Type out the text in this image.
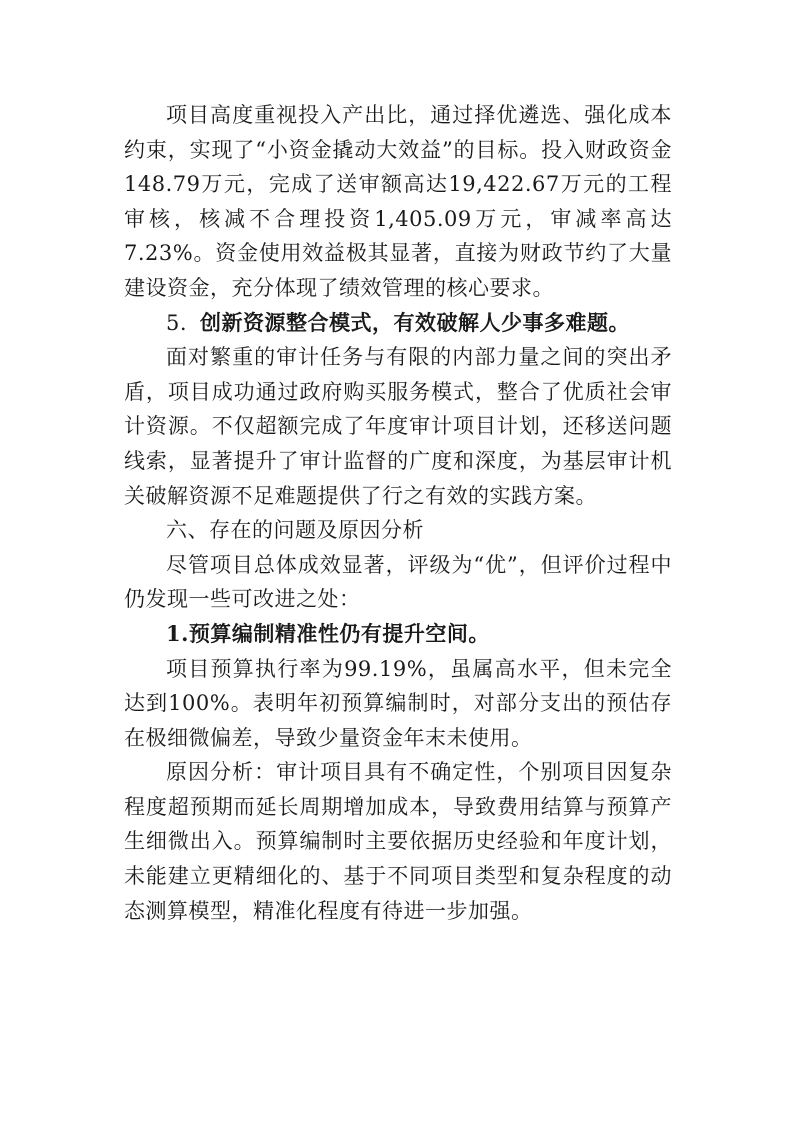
项目高度重视投入产出比，通过择优遴选、强化成本约束，实现了“小资金撬动大效益”的目标。投入财政资金148.79万元，完成了送审额高达19,422.67万元的工程审核，核减不合理投资1,405.09万元，审减率高达7.23%。资金使用效益极其显著，直接为财政节约了大量建设资金，充分体现了绩效管理的核心要求。

5. 创新资源整合模式，有效破解人少事多难题。

面对繁重的审计任务与有限的内部力量之间的突出矛盾，项目成功通过政府购买服务模式，整合了优质社会审计资源。不仅超额完成了年度审计项目计划，还移送问题线索，显著提升了审计监督的广度和深度，为基层审计机关破解资源不足难题提供了行之有效的实践方案。

六、存在的问题及原因分析

尽管项目总体成效显著，评级为“优”，但评价过程中仍发现一些可改进之处：

1.预算编制精准性仍有提升空间。

项目预算执行率为99.19%，虽属高水平，但未完全达到100%。表明年初预算编制时，对部分支出的预估存在极细微偏差，导致少量资金年末未使用。

原因分析：审计项目具有不确定性，个别项目因复杂程度超预期而延长周期增加成本，导致费用结算与预算产生细微出入。预算编制时主要依据历史经验和年度计划，未能建立更精细化的、基于不同项目类型和复杂程度的动态测算模型，精准化程度有待进一步加强。
